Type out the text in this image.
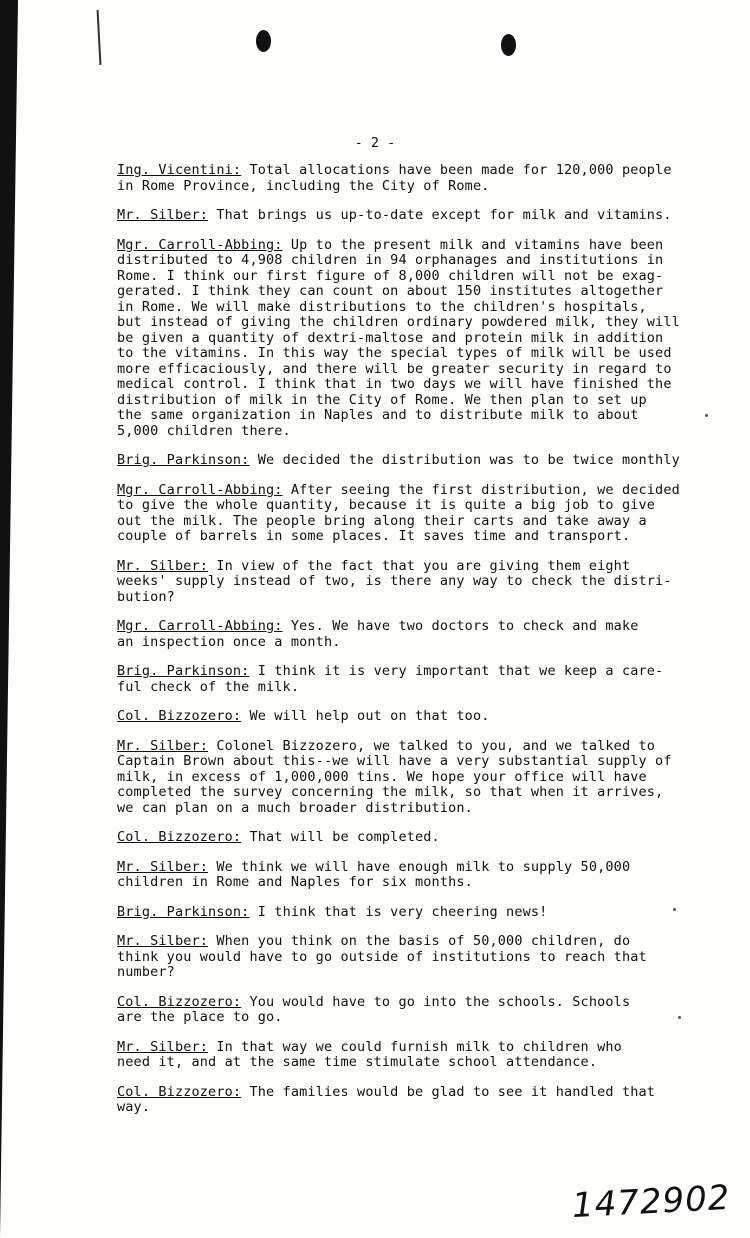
- 2 -

Ing. Vicentini: Total allocations have been made for 120,000 people
in Rome Province, including the City of Rome.

Mr. Silber: That brings us up-to-date except for milk and vitamins.

Mgr. Carroll-Abbing: Up to the present milk and vitamins have been
distributed to 4,908 children in 94 orphanages and institutions in
Rome. I think our first figure of 8,000 children will not be exag-
gerated. I think they can count on about 150 institutes altogether
in Rome. We will make distributions to the children's hospitals,
but instead of giving the children ordinary powdered milk, they will
be given a quantity of dextri-maltose and protein milk in addition
to the vitamins. In this way the special types of milk will be used
more efficaciously, and there will be greater security in regard to
medical control. I think that in two days we will have finished the
distribution of milk in the City of Rome. We then plan to set up
the same organization in Naples and to distribute milk to about
5,000 children there.

Brig. Parkinson: We decided the distribution was to be twice monthly

Mgr. Carroll-Abbing: After seeing the first distribution, we decided
to give the whole quantity, because it is quite a big job to give
out the milk. The people bring along their carts and take away a
couple of barrels in some places. It saves time and transport.

Mr. Silber: In view of the fact that you are giving them eight
weeks' supply instead of two, is there any way to check the distri-
bution?

Mgr. Carroll-Abbing: Yes. We have two doctors to check and make
an inspection once a month.

Brig. Parkinson: I think it is very important that we keep a care-
ful check of the milk.

Col. Bizzozero: We will help out on that too.

Mr. Silber: Colonel Bizzozero, we talked to you, and we talked to
Captain Brown about this--we will have a very substantial supply of
milk, in excess of 1,000,000 tins. We hope your office will have
completed the survey concerning the milk, so that when it arrives,
we can plan on a much broader distribution.

Col. Bizzozero: That will be completed.

Mr. Silber: We think we will have enough milk to supply 50,000
children in Rome and Naples for six months.

Brig. Parkinson: I think that is very cheering news!

Mr. Silber: When you think on the basis of 50,000 children, do
think you would have to go outside of institutions to reach that
number?

Col. Bizzozero: You would have to go into the schools. Schools
are the place to go.

Mr. Silber: In that way we could furnish milk to children who
need it, and at the same time stimulate school attendance.

Col. Bizzozero: The families would be glad to see it handled that
way.

1472902
